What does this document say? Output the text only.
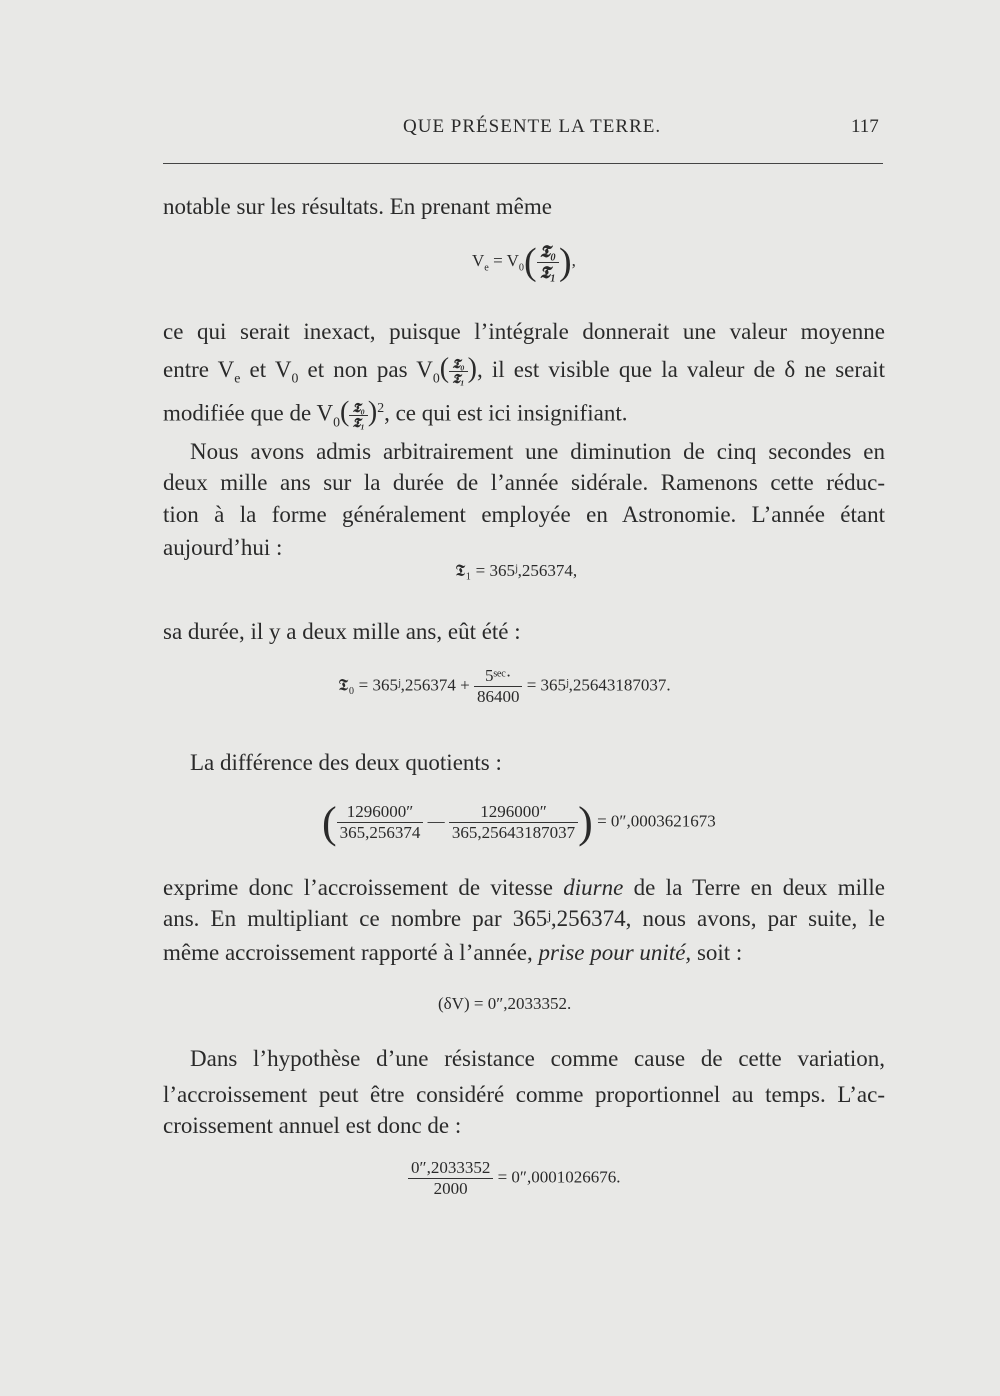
QUE PRÉSENTE LA TERRE.	117
notable sur les résultats. En prenant même
$V_e = V_0( \frac{\text{𝕿₀}}{\text{𝕿₁}}$ ),
ce qui serait inexact, puisque l’intégrale donnerait une valeur moyenne
entre $V_e$ et $V_0$ et non pas $V_0( \frac{\text{𝕿₀}}{\text{𝕿₁}}$ ), il est visible que la valeur de δ ne serait
modifiée que de $V_0( \frac{\text{𝕿₀}}{\text{𝕿₁}} )^2$, ce qui est ici insignifiant.
Nous avons admis arbitrairement une diminution de cinq secondes en
deux mille ans sur la durée de l’année sidérale. Ramenons cette réduc-
tion à la forme généralement employée en Astronomie. L’année étant
aujourd’hui :
𝕿₁ = 365ʲ,256374,
sa durée, il y a deux mille ans, eût été :
𝕿₀ = 365ʲ,256374 + $\frac{\text{5ˢᵉᶜ·}}{86400}$ = 365ʲ,25643187037.
La différence des deux quotients :
( $\frac{1296000''}{365,256374}$ — $\frac{1296000''}{365,25643187037}$ ) = 0″,0003621673
exprime donc l’accroissement de vitesse diurne de la Terre en deux mille
ans. En multipliant ce nombre par 365ʲ,256374, nous avons, par suite, le
même accroissement rapporté à l’année, prise pour unité, soit :
(δV) = 0″,2033352.
Dans l’hypothèse d’une résistance comme cause de cette variation,
l’accroissement peut être considéré comme proportionnel au temps. L’ac-
croissement annuel est donc de :
$\frac{0'',2033352}{2000} = 0'',0001026676$.
